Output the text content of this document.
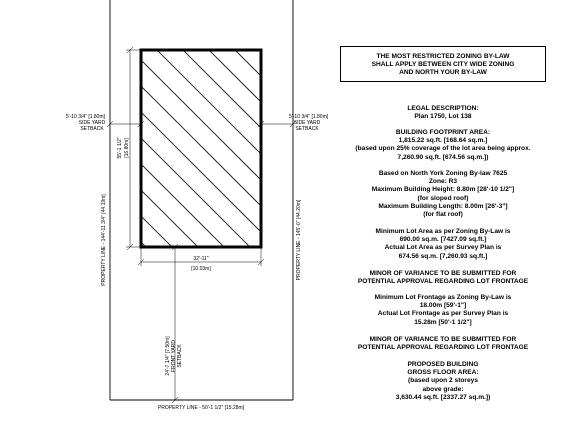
5'-10 3/4" [1.80m]
SIDE YARD
SETBACK
5'-10 3/4" [1.80m]
SIDE YARD
SETBACK
55'-1 1/2" [16.80m]
32'-11"
[10.03m]
PROPERTY LINE - 144'-11 3/4" [44.19m]	PROPERTY LINE - 145'-0" [44.20m]
PROPERTY LINE - 50'-1 1/2" [15.28m]
24'-7 1/4" [7.50m] FRONT YARD SETBACK
THE MOST RESTRICTED ZONING BY-LAW
SHALL APPLY BETWEEN CITY WIDE ZONING
AND NORTH YOUR BY-LAW
LEGAL DESCRIPTION:
Plan 1750, Lot 138
BUILDING FOOTPRINT AREA:
1,815.22 sq.ft. [168.64 sq.m.]
(based upon 25% coverage of the lot area being approx.
7,260.90 sq.ft. [674.56 sq.m.])
Based on North York Zoning By-law 7625
Zone: R3
Maximum Building Height: 8.80m [28'-10 1/2"]
(for sloped roof)
Maximum Building Length: 8.00m [26'-3"]
(for flat roof)
Minimum Lot Area as per Zoning By-Law is
690.00 sq.m. [7427.09 sq.ft.]
Actual Lot Area as per Survey Plan is
674.56 sq.m. [7,260.93 sq.ft.]
MINOR OF VARIANCE TO BE SUBMITTED FOR
POTENTIAL APPROVAL REGARDING LOT FRONTAGE
Minimum Lot Frontage as Zoning By-Law is
18.00m [59'-1"]
Actual Lot Frontage as per Survey Plan is
15.28m [50'-1 1/2"]
MINOR OF VARIANCE TO BE SUBMITTED FOR
POTENTIAL APPROVAL REGARDING LOT FRONTAGE
PROPOSED BUILDING
GROSS FLOOR AREA:
(based upon 2 storeys
above grade:
3,630.44 sq.ft. [2337.27 sq.m.])
